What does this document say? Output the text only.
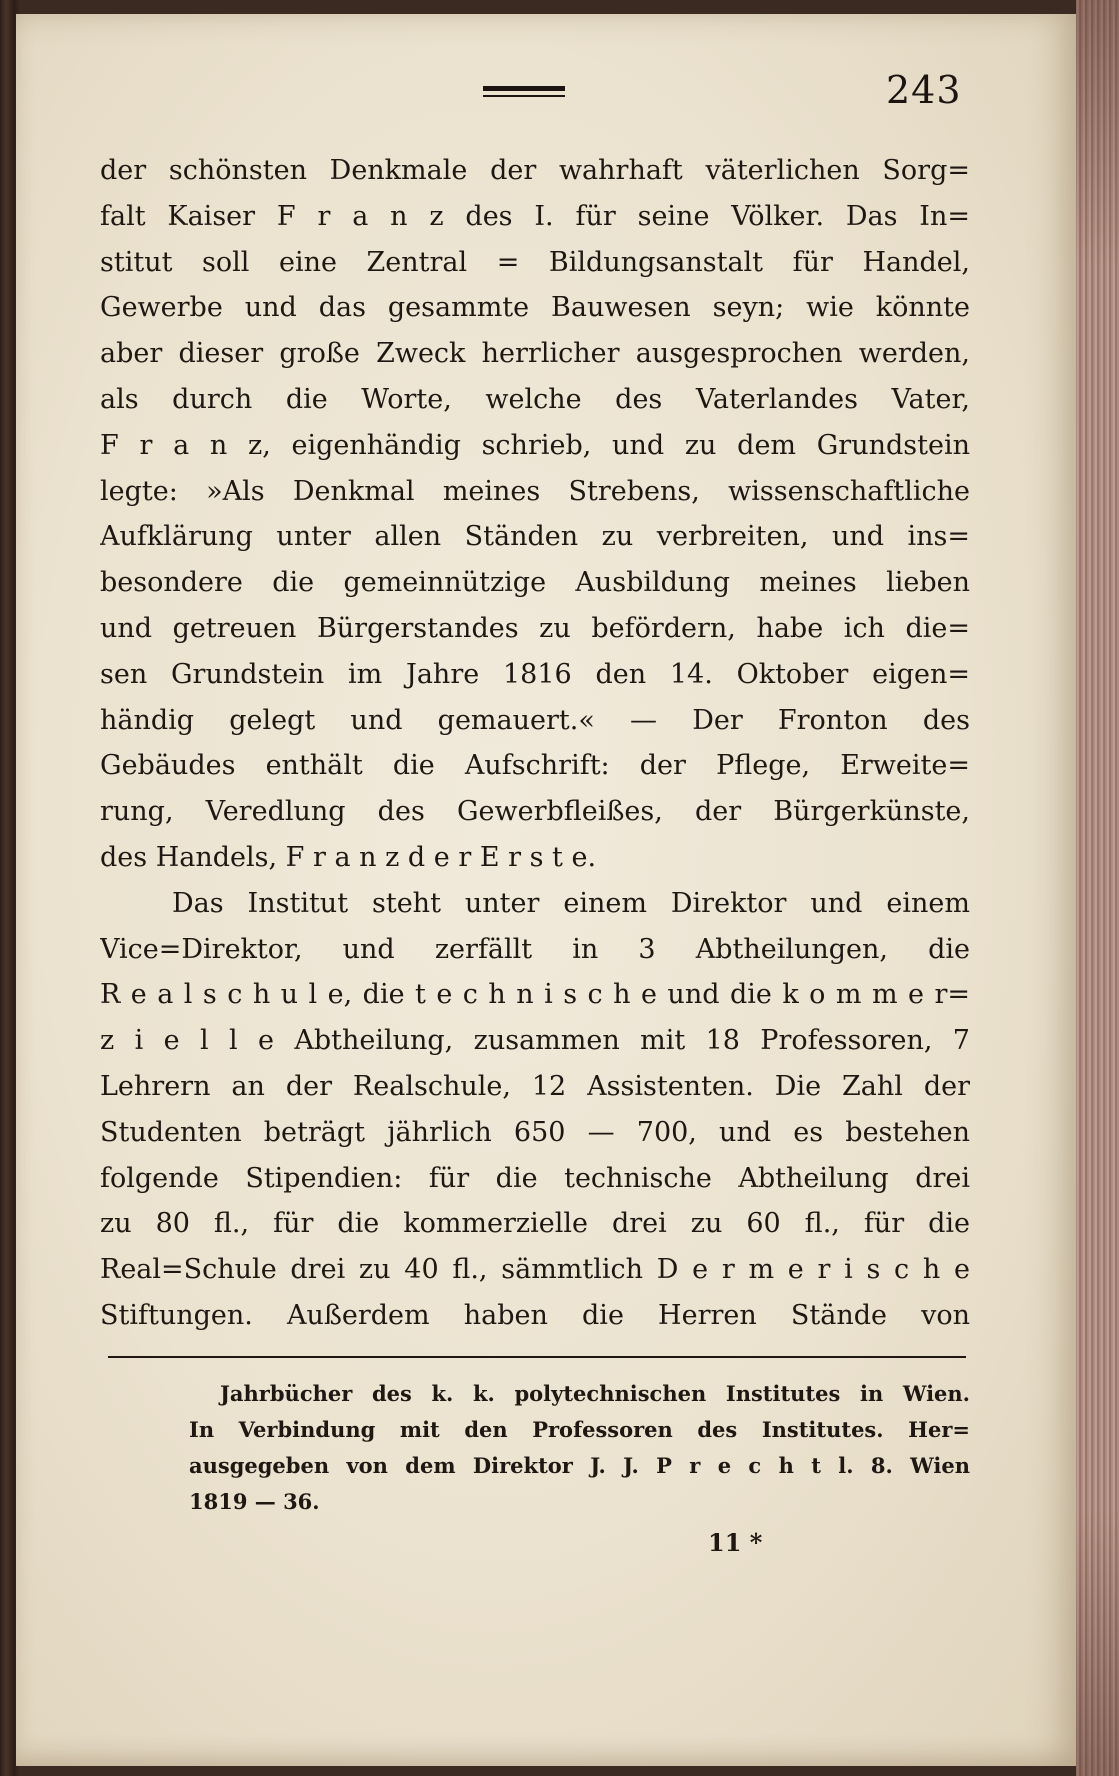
243
der schönsten Denkmale der wahrhaft väterlichen Sorg=
falt Kaiser F r a n z des I. für seine Völker. Das In=
stitut soll eine Zentral = Bildungsanstalt für Handel,
Gewerbe und das gesammte Bauwesen seyn; wie könnte
aber dieser große Zweck herrlicher ausgesprochen werden,
als durch die Worte, welche des Vaterlandes Vater,
F r a n z, eigenhändig schrieb, und zu dem Grundstein
legte: »Als Denkmal meines Strebens, wissenschaftliche
Aufklärung unter allen Ständen zu verbreiten, und ins=
besondere die gemeinnützige Ausbildung meines lieben
und getreuen Bürgerstandes zu befördern, habe ich die=
sen Grundstein im Jahre 1816 den 14. Oktober eigen=
händig gelegt und gemauert.« — Der Fronton des
Gebäudes enthält die Aufschrift: der Pflege, Erweite=
rung, Veredlung des Gewerbfleißes, der Bürgerkünste,
des Handels, F r a n z d e r E r s t e.
Das Institut steht unter einem Direktor und einem
Vice=Direktor, und zerfällt in 3 Abtheilungen, die
R e a l s c h u l e, die t e c h n i s c h e und die k o m m e r=
z i e l l e Abtheilung, zusammen mit 18 Professoren, 7
Lehrern an der Realschule, 12 Assistenten. Die Zahl der
Studenten beträgt jährlich 650 — 700, und es bestehen
folgende Stipendien: für die technische Abtheilung drei
zu 80 fl., für die kommerzielle drei zu 60 fl., für die
Real=Schule drei zu 40 fl., sämmtlich D e r m e r i s c h e
Stiftungen. Außerdem haben die Herren Stände von
Jahrbücher des k. k. polytechnischen Institutes in Wien.
In Verbindung mit den Professoren des Institutes. Her=
ausgegeben von dem Direktor J. J. P r e c h t l. 8. Wien
1819 — 36.
11 *
